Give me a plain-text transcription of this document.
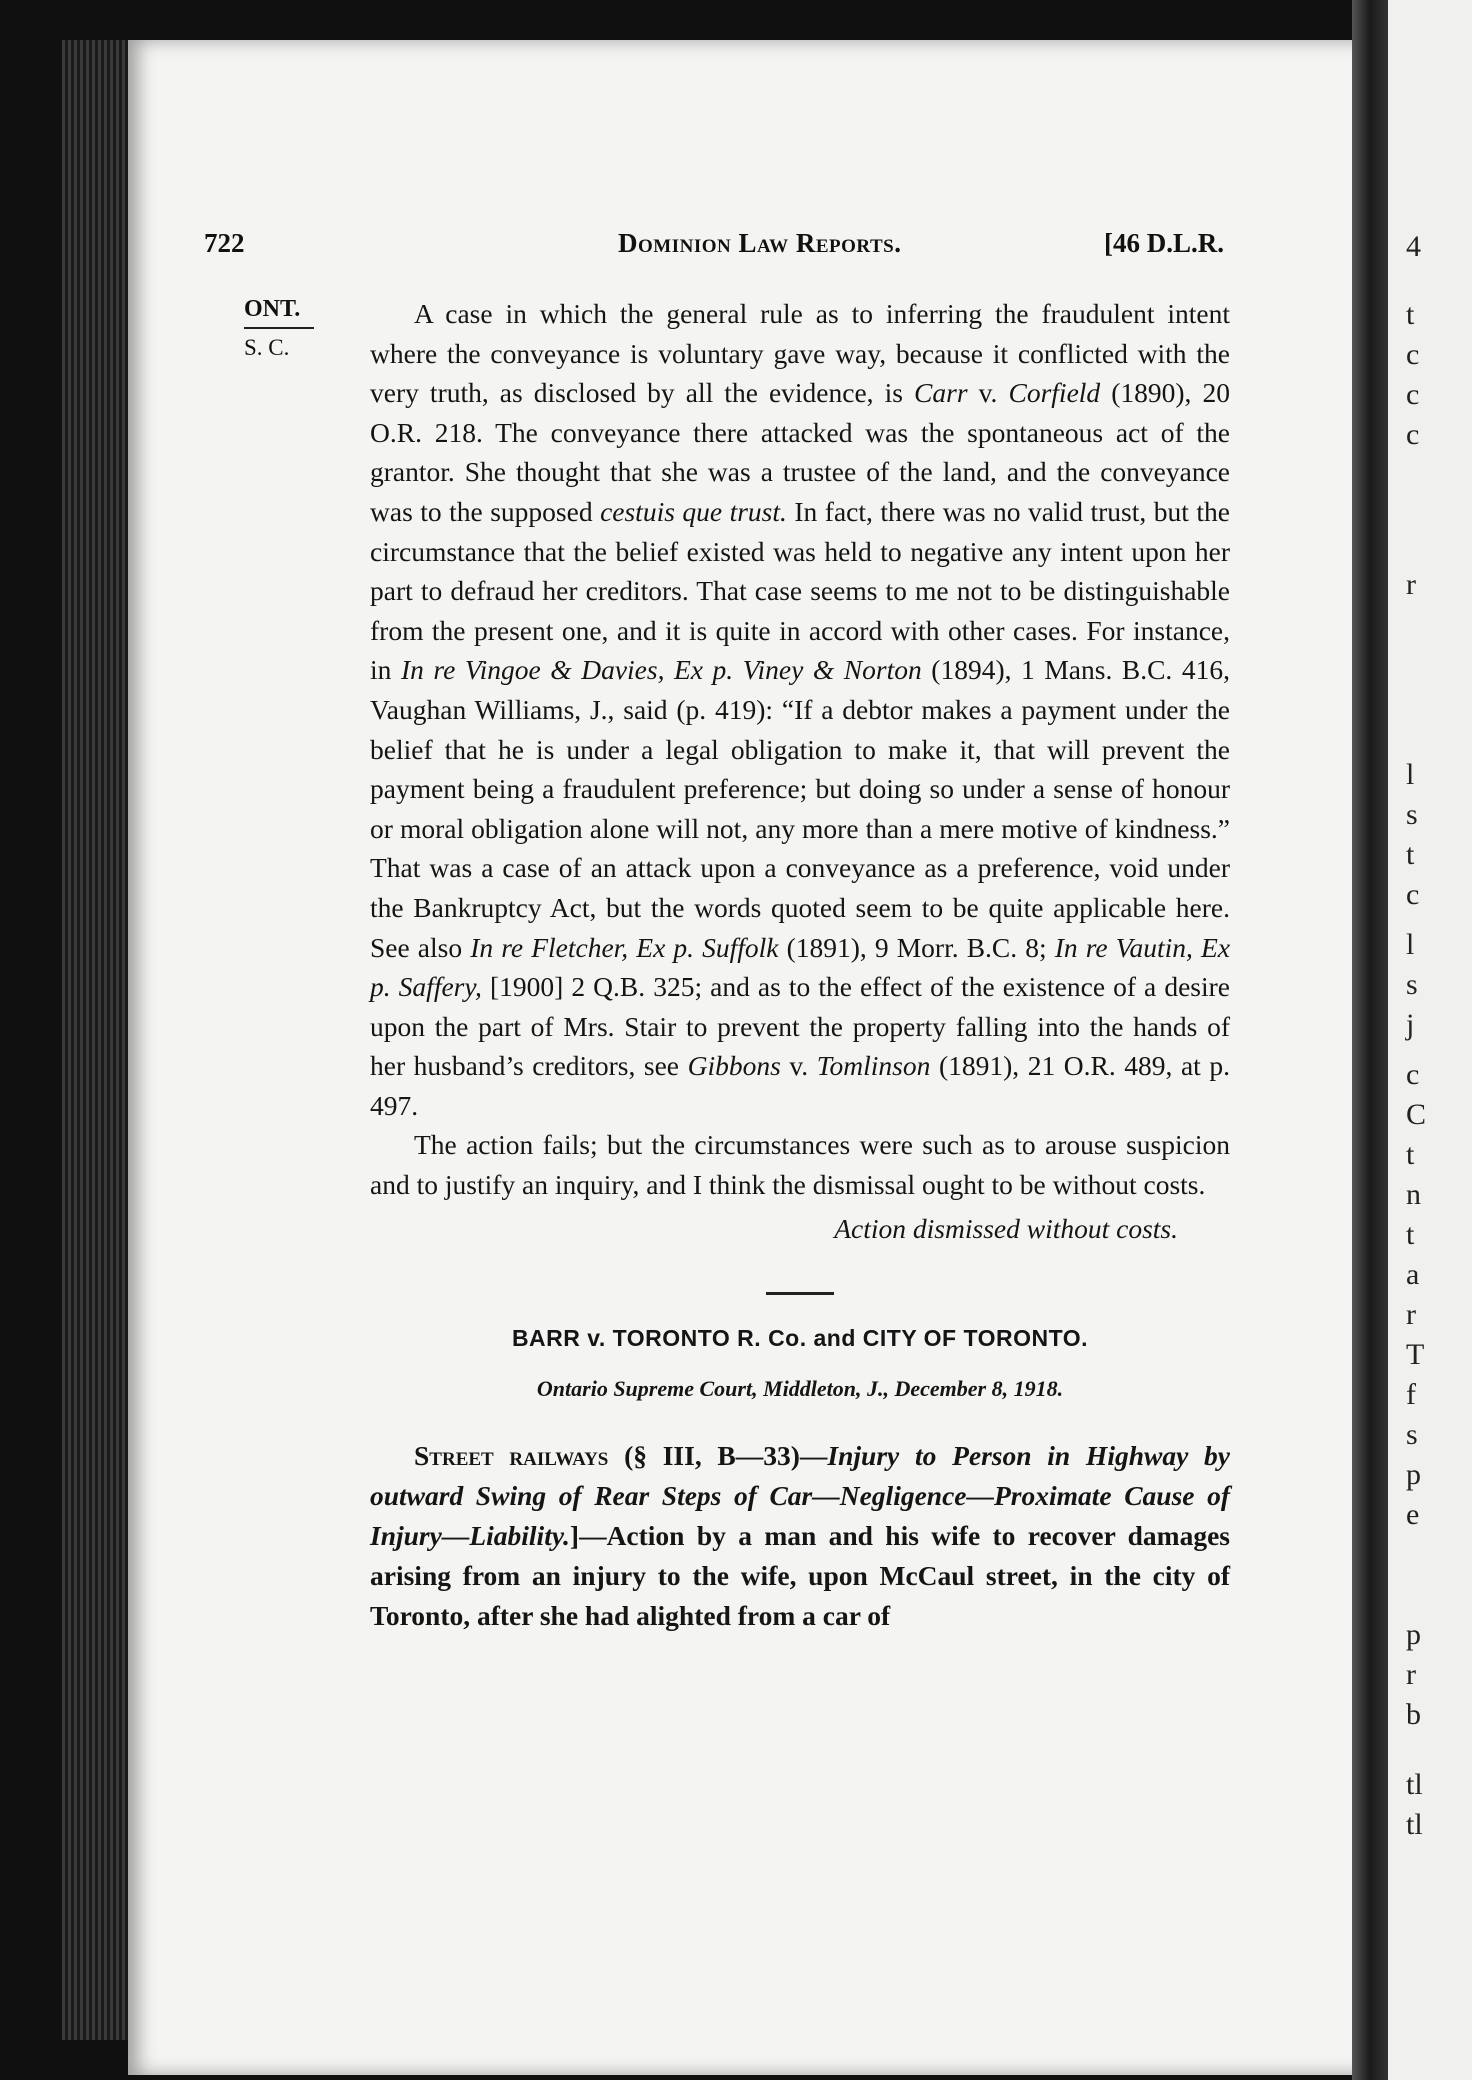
4
t
c
c
c
r
l
s
t
c
l
s
j
c
C
t
n
t
a
r
T
f
s
p
e
p
r
b
tl
tl
722	Dominion Law Reports.	[46 D.L.R.
ONT.
S. C.

A case in which the general rule as to inferring the fraudulent intent where the conveyance is voluntary gave way, because it conflicted with the very truth, as disclosed by all the evidence, is Carr v. Corfield (1890), 20 O.R. 218. The conveyance there attacked was the spontaneous act of the grantor. She thought that she was a trustee of the land, and the conveyance was to the supposed cestuis que trust. In fact, there was no valid trust, but the circumstance that the belief existed was held to negative any intent upon her part to defraud her creditors. That case seems to me not to be distinguishable from the present one, and it is quite in accord with other cases. For instance, in In re Vingoe & Davies, Ex p. Viney & Norton (1894), 1 Mans. B.C. 416, Vaughan Williams, J., said (p. 419): “If a debtor makes a payment under the belief that he is under a legal obligation to make it, that will prevent the payment being a fraudulent preference; but doing so under a sense of honour or moral obligation alone will not, any more than a mere motive of kindness.” That was a case of an attack upon a conveyance as a preference, void under the Bankruptcy Act, but the words quoted seem to be quite applicable here. See also In re Fletcher, Ex p. Suffolk (1891), 9 Morr. B.C. 8; In re Vautin, Ex p. Saffery, [1900] 2 Q.B. 325; and as to the effect of the existence of a desire upon the part of Mrs. Stair to prevent the property falling into the hands of her husband’s creditors, see Gibbons v. Tomlinson (1891), 21 O.R. 489, at p. 497.

The action fails; but the circumstances were such as to arouse suspicion and to justify an inquiry, and I think the dismissal ought to be without costs.

Action dismissed without costs.
BARR v. TORONTO R. Co. and CITY OF TORONTO.
Ontario Supreme Court, Middleton, J., December 8, 1918.

Street railways (§ III, B—33)—Injury to Person in Highway by outward Swing of Rear Steps of Car—Negligence—Proximate Cause of Injury—Liability.]—Action by a man and his wife to recover damages arising from an injury to the wife, upon McCaul street, in the city of Toronto, after she had alighted from a car of
